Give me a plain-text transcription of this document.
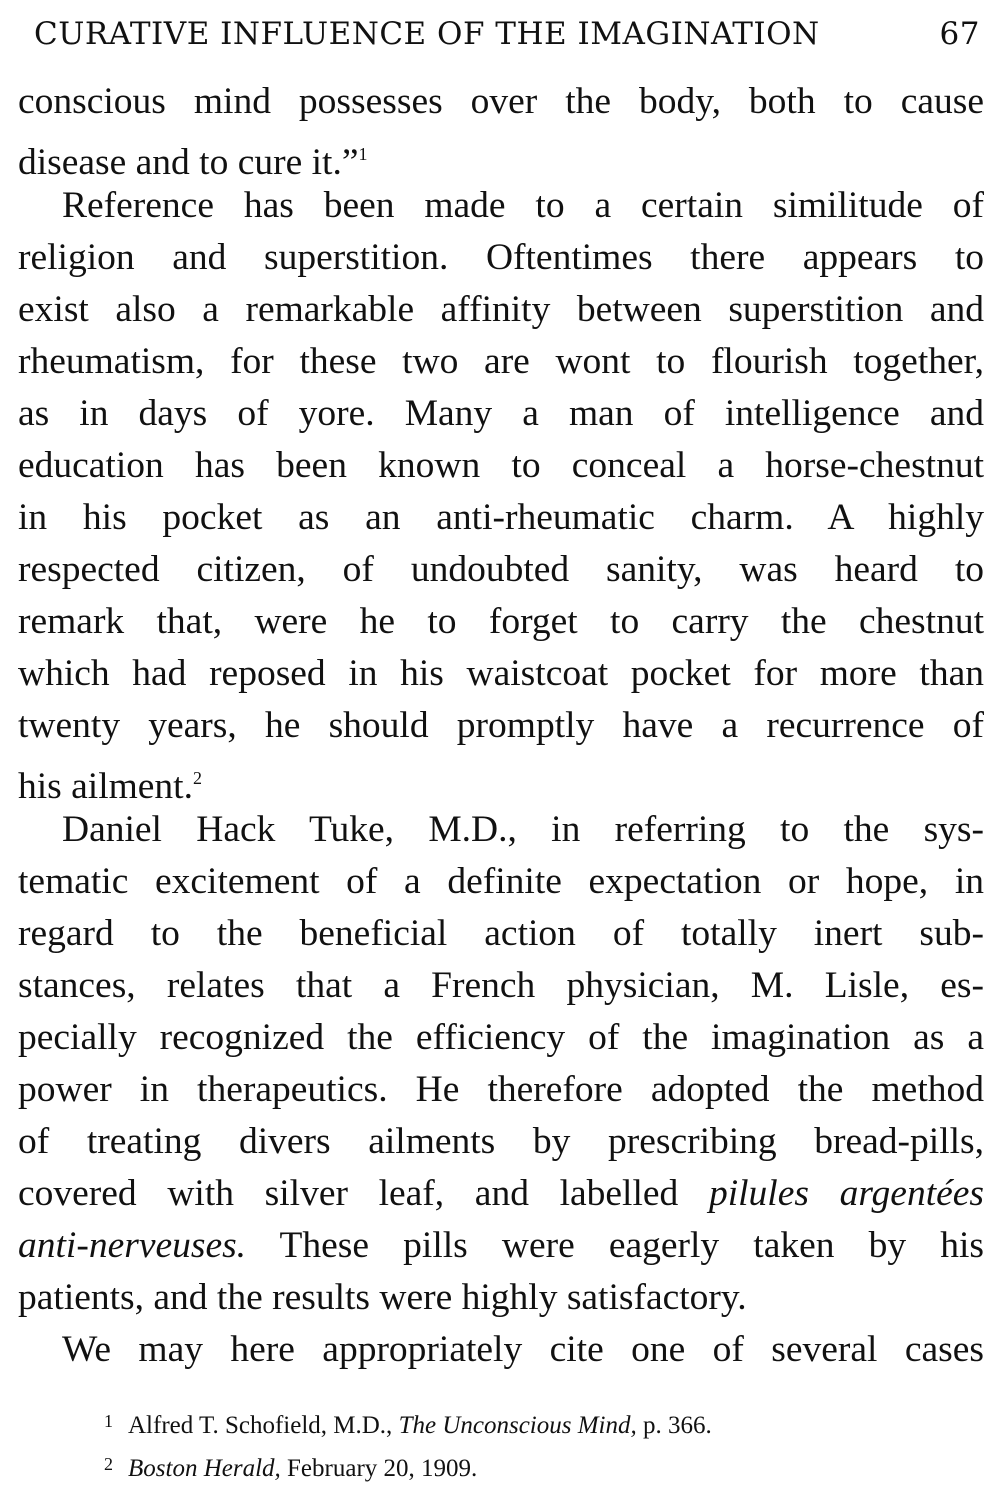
CURATIVE INFLUENCE OF THE IMAGINATION	67
conscious mind possesses over the body, both to cause
disease and to cure it.”$^1$
Reference has been made to a certain similitude of
religion and superstition. Oftentimes there appears to
exist also a remarkable affinity between superstition and
rheumatism, for these two are wont to flourish together,
as in days of yore. Many a man of intelligence and
education has been known to conceal a horse-chestnut
in his pocket as an anti-rheumatic charm. A highly
respected citizen, of undoubted sanity, was heard to
remark that, were he to forget to carry the chestnut
which had reposed in his waistcoat pocket for more than
twenty years, he should promptly have a recurrence of
his ailment.$^2$
Daniel Hack Tuke, M.D., in referring to the sys-
tematic excitement of a definite expectation or hope, in
regard to the beneficial action of totally inert sub-
stances, relates that a French physician, M. Lisle, es-
pecially recognized the efficiency of the imagination as a
power in therapeutics. He therefore adopted the method
of treating divers ailments by prescribing bread-pills,
covered with silver leaf, and labelled pilules argentées
anti-nerveuses. These pills were eagerly taken by his
patients, and the results were highly satisfactory.
We may here appropriately cite one of several cases
1 Alfred T. Schofield, M.D., The Unconscious Mind, p. 366.
2 Boston Herald, February 20, 1909.
